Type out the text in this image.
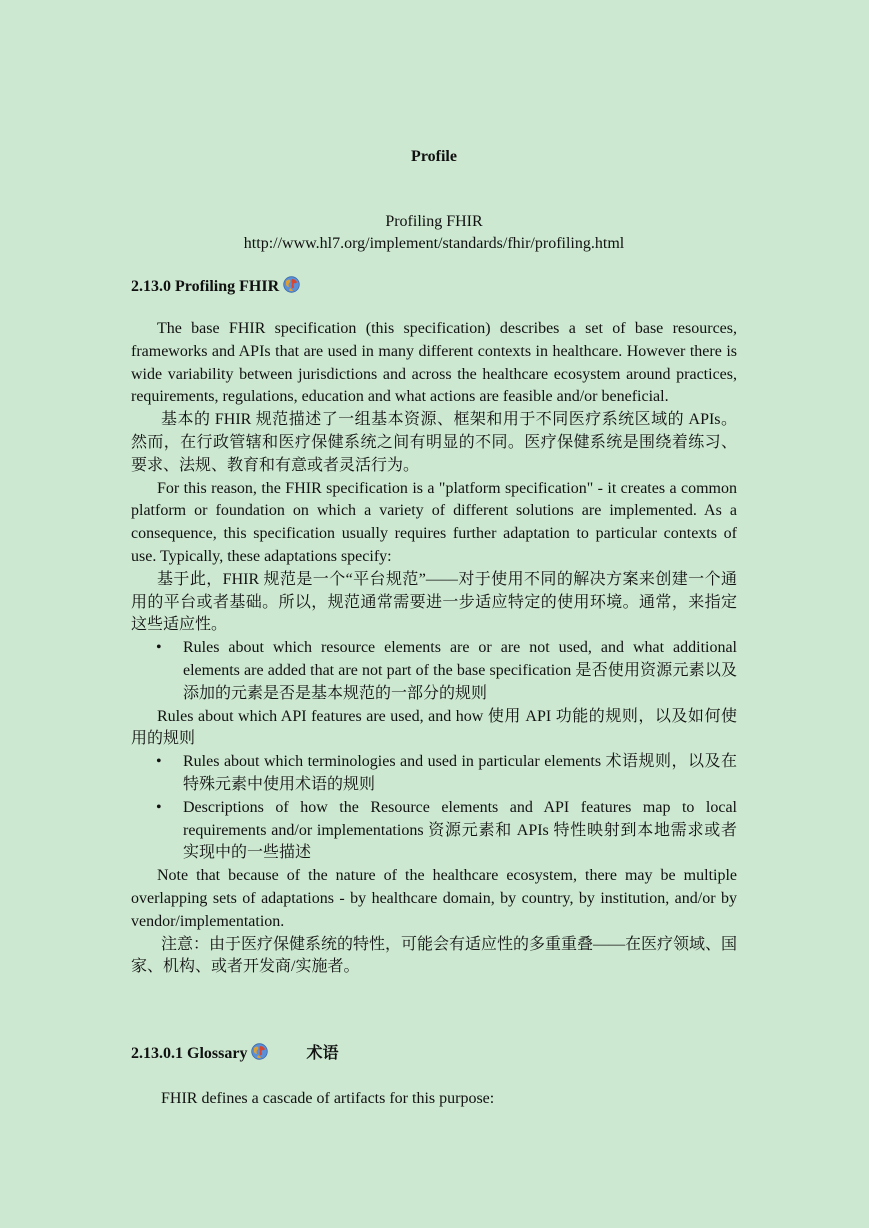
Profile
Profiling FHIR
http://www.hl7.org/implement/standards/fhir/profiling.html
2.13.0 Profiling FHIR

The base FHIR specification (this specification) describes a set of base resources, frameworks and APIs that are used in many different contexts in healthcare. However there is wide variability between jurisdictions and across the healthcare ecosystem around practices, requirements, regulations, education and what actions are feasible and/or beneficial.

基本的 FHIR 规范描述了一组基本资源、框架和用于不同医疗系统区域的 APIs。然而，在行政管辖和医疗保健系统之间有明显的不同。医疗保健系统是围绕着练习、要求、法规、教育和有意或者灵活行为。

For this reason, the FHIR specification is a "platform specification" - it creates a common platform or foundation on which a variety of different solutions are implemented. As a consequence, this specification usually requires further adaptation to particular contexts of use. Typically, these adaptations specify:

基于此，FHIR 规范是一个“平台规范”——对于使用不同的解决方案来创建一个通用的平台或者基础。所以，规范通常需要进一步适应特定的使用环境。通常，来指定这些适应性。

• Rules about which resource elements are or are not used, and what additional elements are added that are not part of the base specification 是否使用资源元素以及添加的元素是否是基本规范的一部分的规则

Rules about which API features are used, and how 使用 API 功能的规则，以及如何使用的规则

• Rules about which terminologies and used in particular elements 术语规则，以及在特殊元素中使用术语的规则
• Descriptions of how the Resource elements and API features map to local requirements and/or implementations 资源元素和 APIs 特性映射到本地需求或者实现中的一些描述

Note that because of the nature of the healthcare ecosystem, there may be multiple overlapping sets of adaptations - by healthcare domain, by country, by institution, and/or by vendor/implementation.

注意：由于医疗保健系统的特性，可能会有适应性的多重重叠——在医疗领域、国家、机构、或者开发商/实施者。

2.13.0.1 Glossary	术语
FHIR defines a cascade of artifacts for this purpose:
